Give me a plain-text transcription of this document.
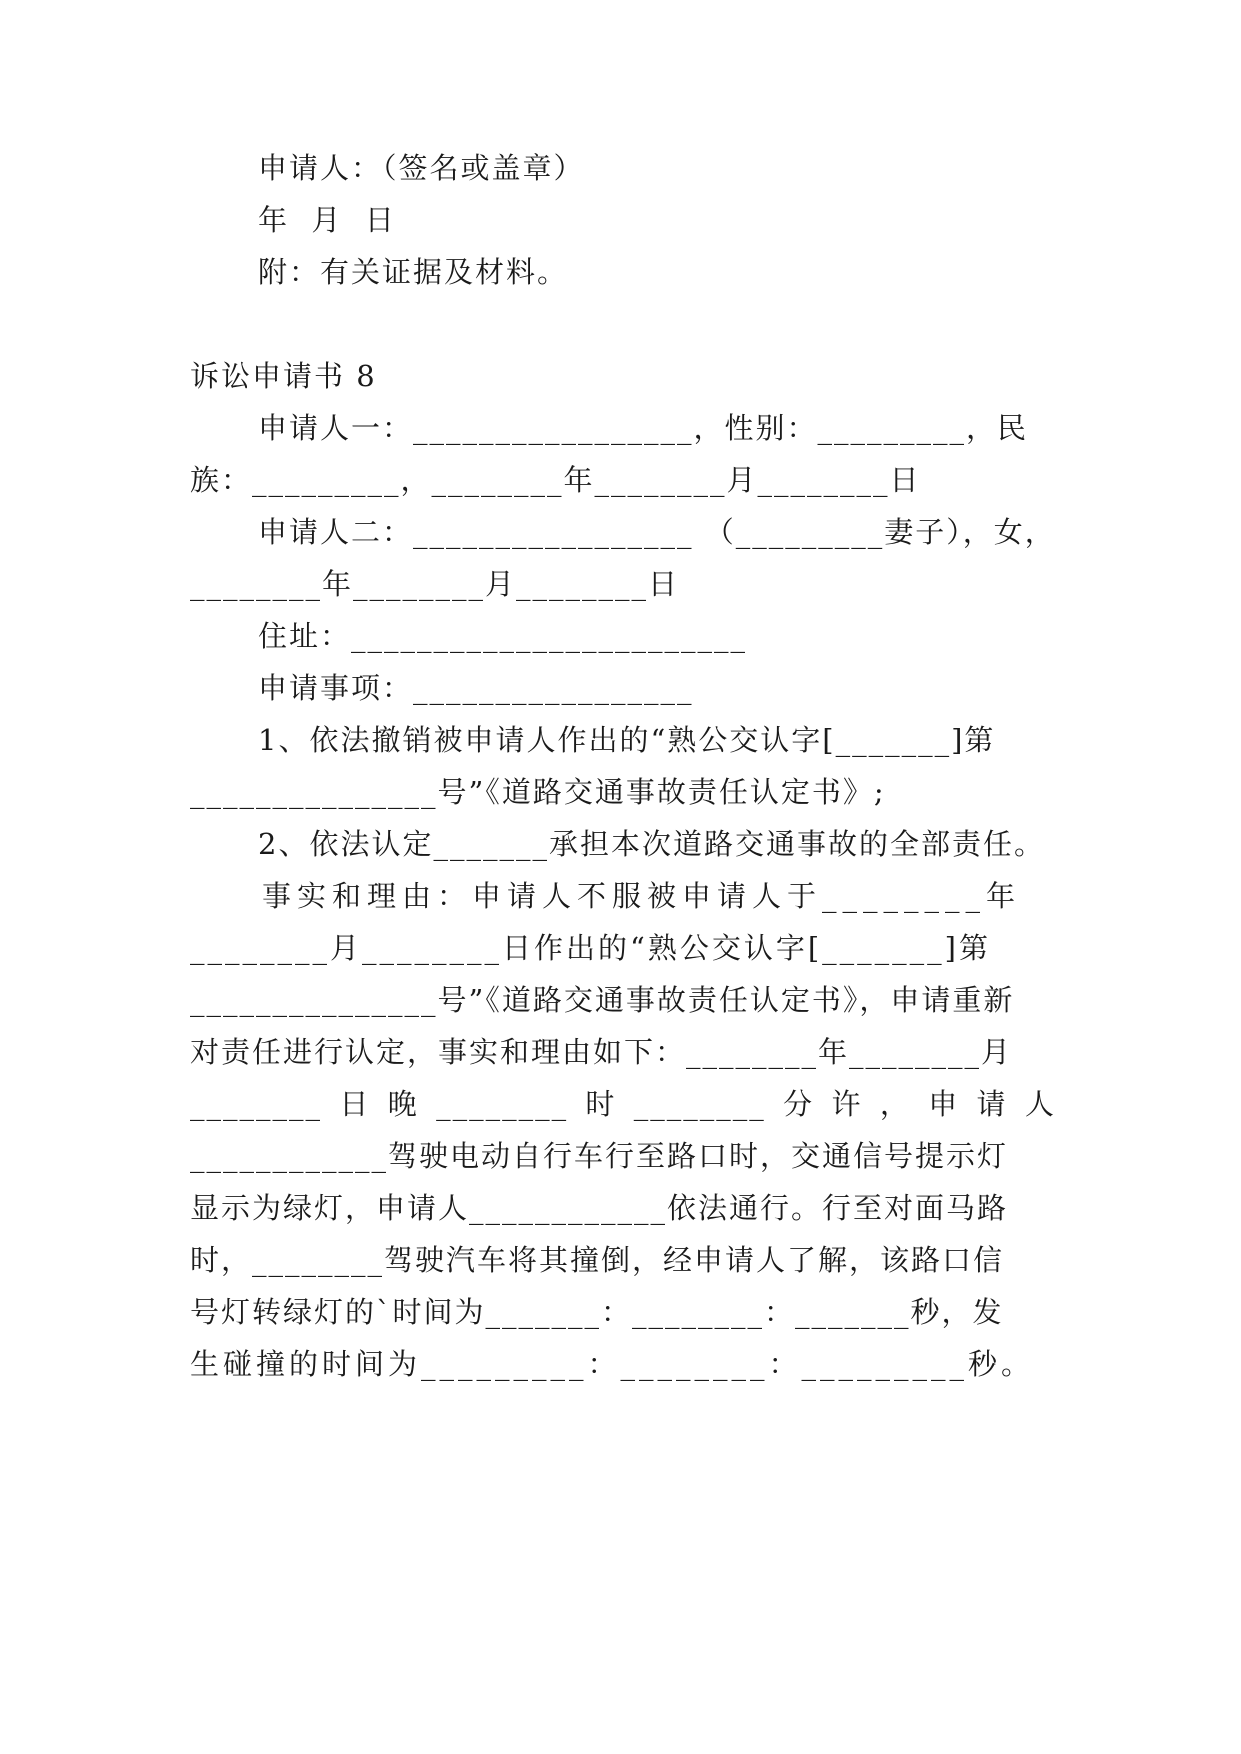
申请人：（签名或盖章）

年  月  日

附：有关证据及材料。

诉讼申请书 8

申请人一：_________________，性别：_________，民

族：_________，________年________月________日

申请人二：_________________ （_________妻子），女，

________年________月________日

住址：________________________

申请事项：_________________

1、依法撤销被申请人作出的“熟公交认字[_______]第

_______________号”《道路交通事故责任认定书》;

2、依法认定_______承担本次道路交通事故的全部责任。

事实和理由：申请人不服被申请人于________年

________月________日作出的“熟公交认字[_______]第

_______________号”《道路交通事故责任认定书》，申请重新

对责任进行认定，事实和理由如下：________年________月

________ 日 晚 ________ 时 ________ 分 许 ， 申 请 人

____________驾驶电动自行车行至路口时，交通信号提示灯

显示为绿灯，申请人____________依法通行。行至对面马路

时，________驾驶汽车将其撞倒，经申请人了解，该路口信

号灯转绿灯的`时间为_______：________：_______秒，发

生碰撞的时间为_________：________：_________秒。
